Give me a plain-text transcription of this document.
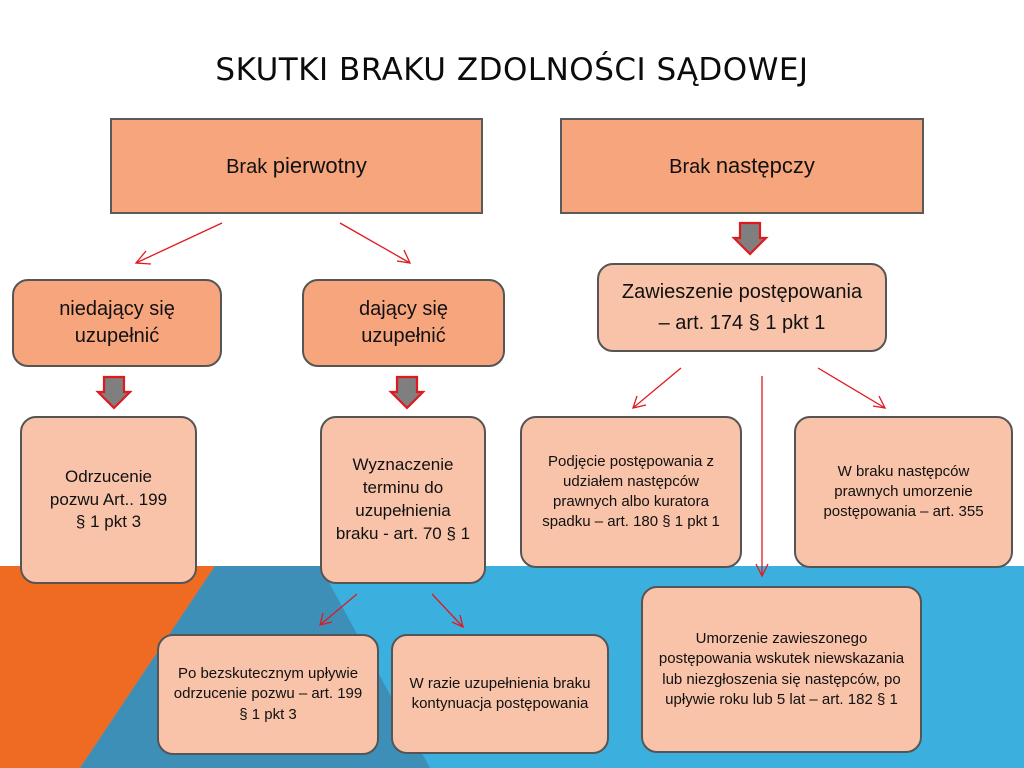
SKUTKI BRAKU ZDOLNOŚCI SĄDOWEJ
Brak pierwotny	Brak następczy
niedający się uzupełnić
dający się uzupełnić
Zawieszenie postępowania – art. 174 § 1 pkt 1
Odrzucenie pozwu Art.. 199 § 1 pkt 3
Wyznaczenie terminu do uzupełnienia braku - art. 70 § 1
Podjęcie postępowania z udziałem następców prawnych albo kuratora spadku – art. 180 § 1 pkt 1
W braku następców prawnych umorzenie postępowania – art. 355
Po bezskutecznym upływie odrzucenie pozwu – art. 199 § 1 pkt 3
W razie uzupełnienia braku kontynuacja postępowania
Umorzenie zawieszonego postępowania wskutek niewskazania lub niezgłoszenia się następców, po upływie roku lub 5 lat – art. 182 § 1
